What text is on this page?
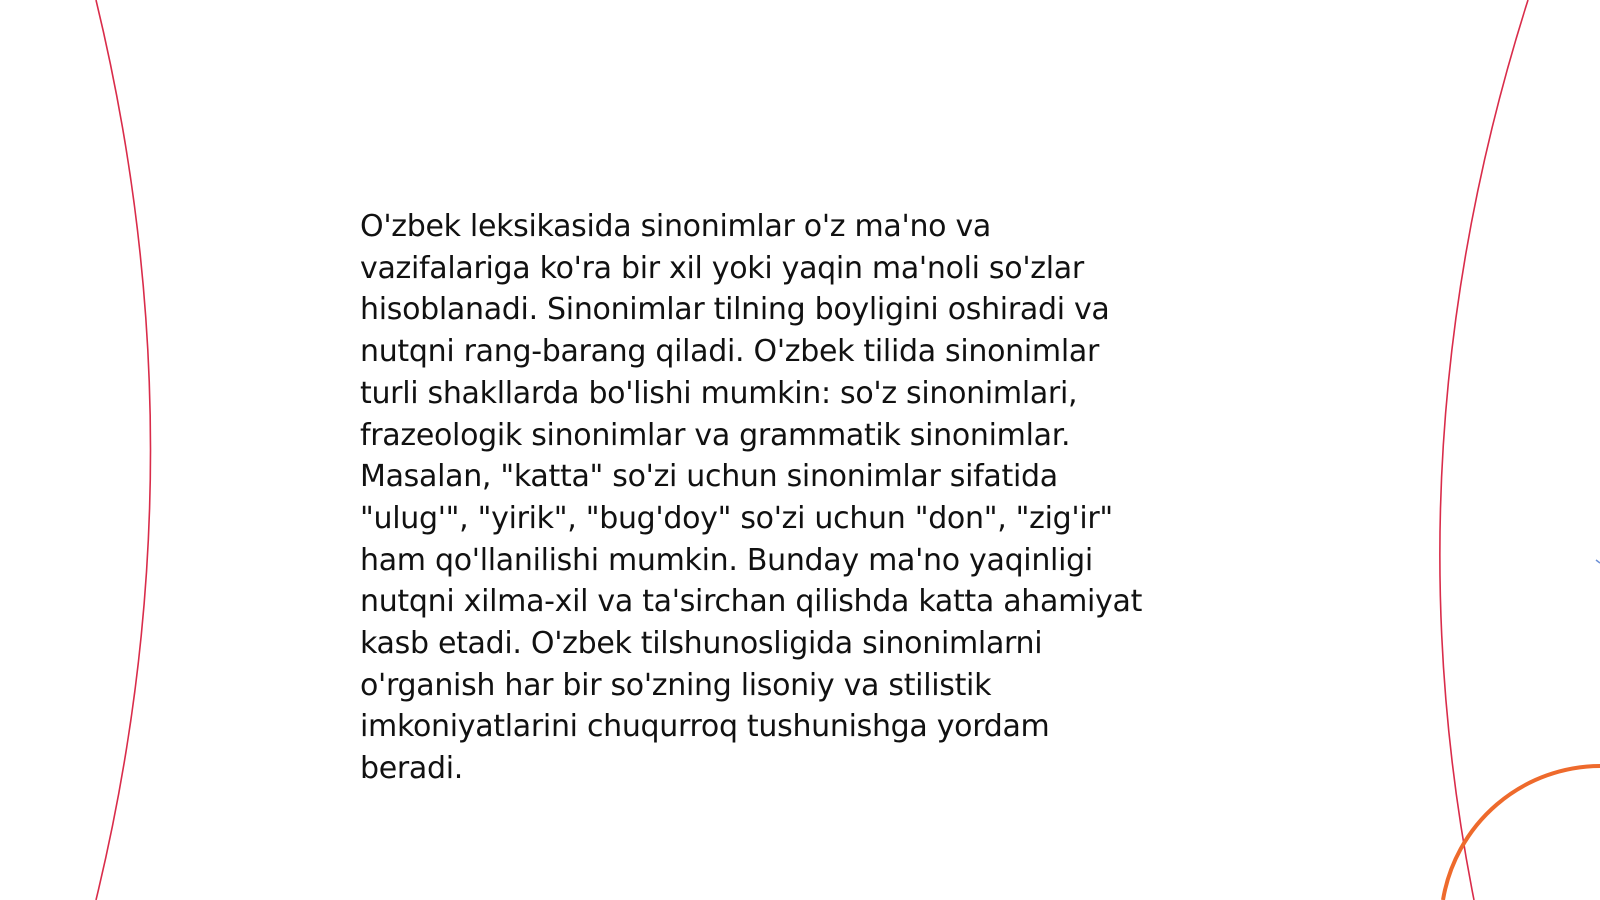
O'zbek leksikasida sinonimlar o'z ma'no va
vazifalariga ko'ra bir xil yoki yaqin ma'noli so'zlar
hisoblanadi. Sinonimlar tilning boyligini oshiradi va
nutqni rang-barang qiladi. O'zbek tilida sinonimlar
turli shakllarda bo'lishi mumkin: so'z sinonimlari,
frazeologik sinonimlar va grammatik sinonimlar.
Masalan, "katta" so'zi uchun sinonimlar sifatida
"ulug'", "yirik", "bug'doy" so'zi uchun "don", "zig'ir"
ham qo'llanilishi mumkin. Bunday ma'no yaqinligi
nutqni xilma-xil va ta'sirchan qilishda katta ahamiyat
kasb etadi. O'zbek tilshunosligida sinonimlarni
o'rganish har bir so'zning lisoniy va stilistik
imkoniyatlarini chuqurroq tushunishga yordam
beradi.
